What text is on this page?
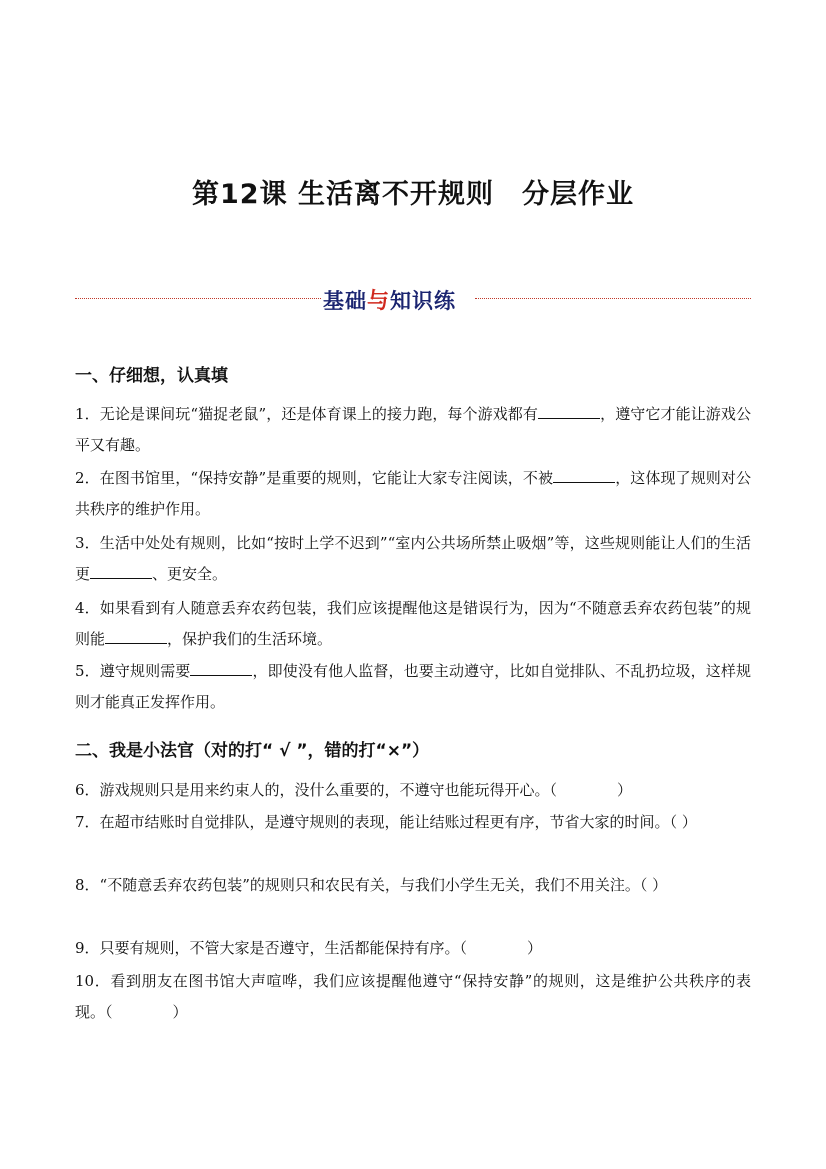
第12课 生活离不开规则　分层作业
基础与知识练
一、仔细想，认真填
1．无论是课间玩“猫捉老鼠”，还是体育课上的接力跑，每个游戏都有	，遵守它才能让游戏公平又有趣。
2．在图书馆里，“保持安静”是重要的规则，它能让大家专注阅读，不被	，这体现了规则对公共秩序的维护作用。
3．生活中处处有规则，比如“按时上学不迟到”“室内公共场所禁止吸烟”等，这些规则能让人们的生活更	、更安全。
4．如果看到有人随意丢弃农药包装，我们应该提醒他这是错误行为，因为“不随意丢弃农药包装”的规则能	，保护我们的生活环境。
5．遵守规则需要	，即使没有他人监督，也要主动遵守，比如自觉排队、不乱扔垃圾，这样规则才能真正发挥作用。
二、我是小法官（对的打“ √ ”，错的打“×”）
6．游戏规则只是用来约束人的，没什么重要的，不遵守也能玩得开心。（　　　　）
7．在超市结账时自觉排队，是遵守规则的表现，能让结账过程更有序，节省大家的时间。（ ）
8．“不随意丢弃农药包装”的规则只和农民有关，与我们小学生无关，我们不用关注。（ ）
9．只要有规则，不管大家是否遵守，生活都能保持有序。（　　　　）
10．看到朋友在图书馆大声喧哗，我们应该提醒他遵守“保持安静”的规则，这是维护公共秩序的表现。（　　　　）
